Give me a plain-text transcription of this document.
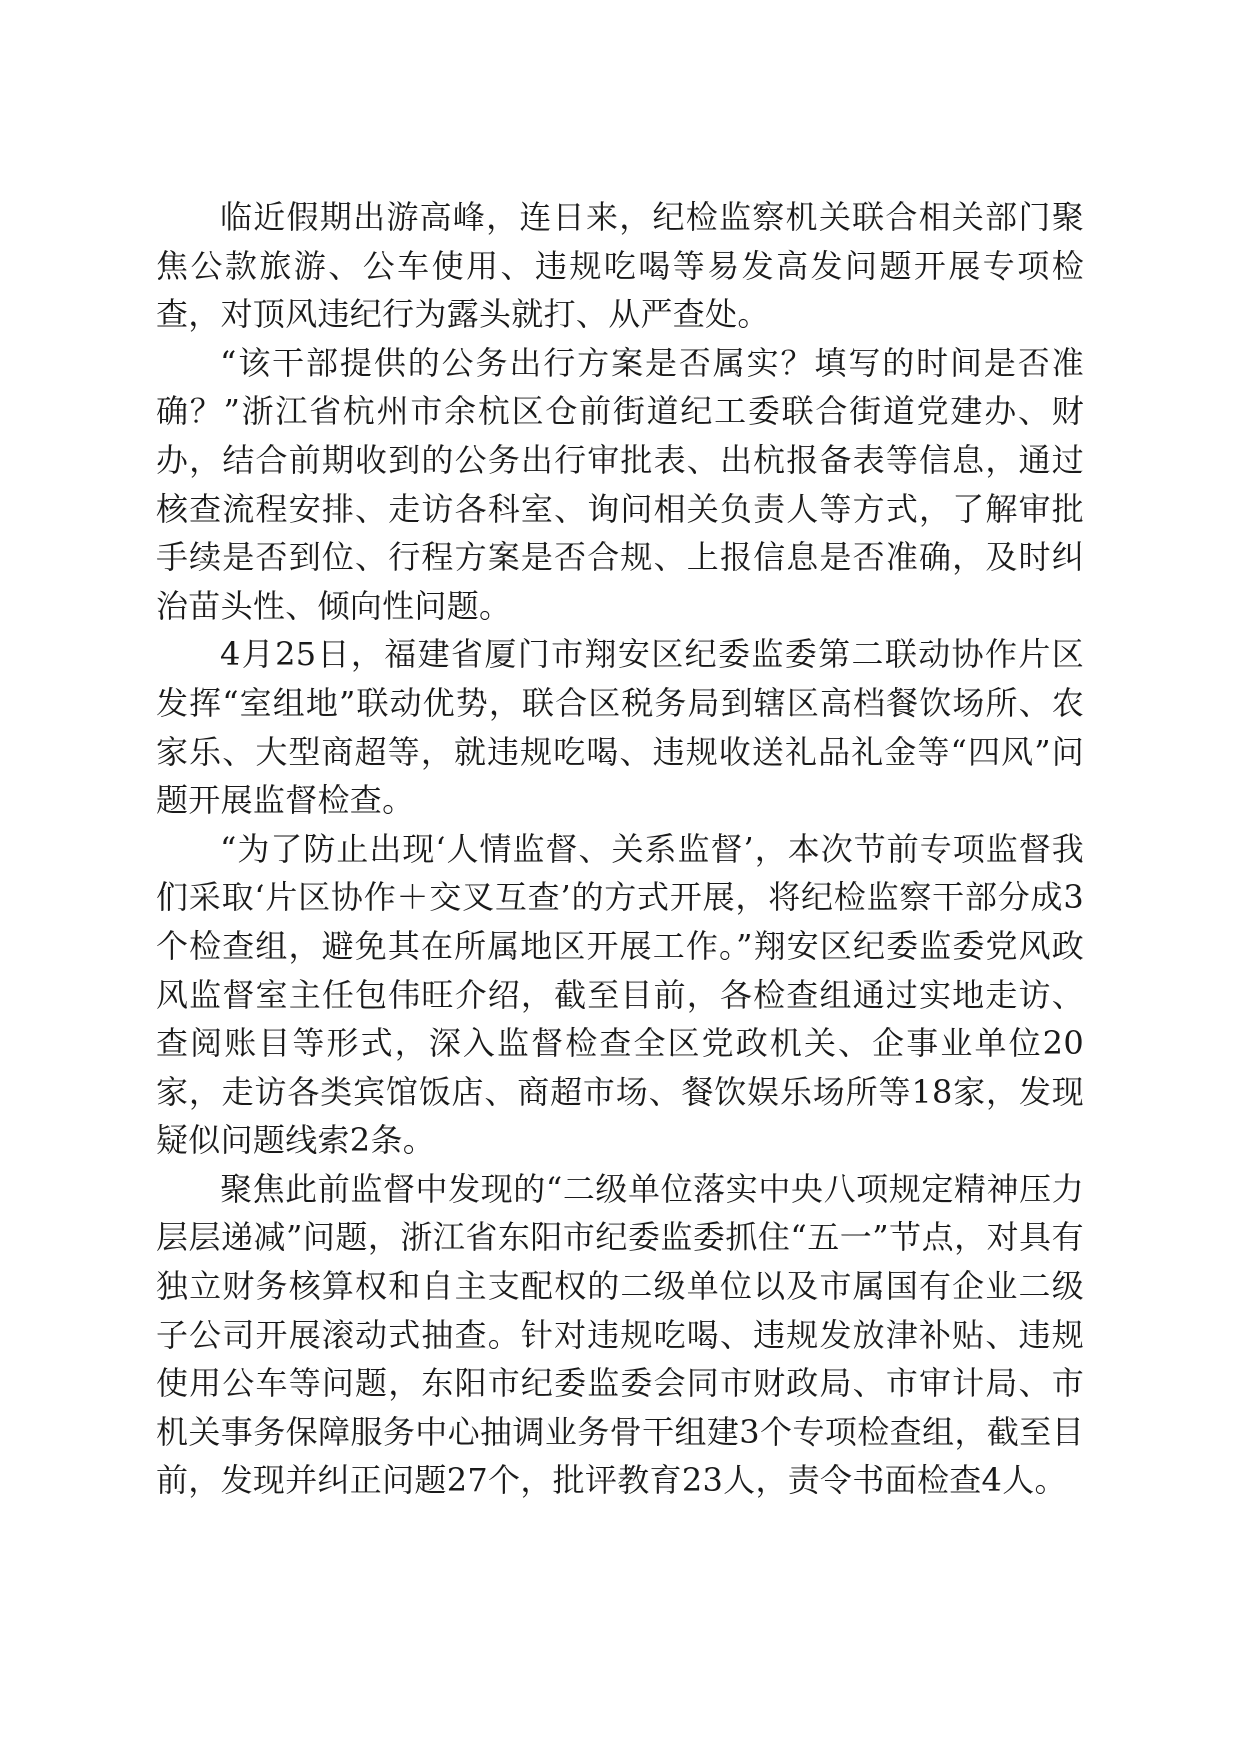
临近假期出游高峰，连日来，纪检监察机关联合相关部门聚焦公款旅游、公车使用、违规吃喝等易发高发问题开展专项检查，对顶风违纪行为露头就打、从严查处。

“该干部提供的公务出行方案是否属实？填写的时间是否准确？”浙江省杭州市余杭区仓前街道纪工委联合街道党建办、财办，结合前期收到的公务出行审批表、出杭报备表等信息，通过核查流程安排、走访各科室、询问相关负责人等方式，了解审批手续是否到位、行程方案是否合规、上报信息是否准确，及时纠治苗头性、倾向性问题。

4月25日，福建省厦门市翔安区纪委监委第二联动协作片区发挥“室组地”联动优势，联合区税务局到辖区高档餐饮场所、农家乐、大型商超等，就违规吃喝、违规收送礼品礼金等“四风”问题开展监督检查。

“为了防止出现‘人情监督、关系监督’，本次节前专项监督我们采取‘片区协作＋交叉互查’的方式开展，将纪检监察干部分成3个检查组，避免其在所属地区开展工作。”翔安区纪委监委党风政风监督室主任包伟旺介绍，截至目前，各检查组通过实地走访、查阅账目等形式，深入监督检查全区党政机关、企事业单位20家，走访各类宾馆饭店、商超市场、餐饮娱乐场所等18家，发现疑似问题线索2条。

聚焦此前监督中发现的“二级单位落实中央八项规定精神压力层层递减”问题，浙江省东阳市纪委监委抓住“五一”节点，对具有独立财务核算权和自主支配权的二级单位以及市属国有企业二级子公司开展滚动式抽查。针对违规吃喝、违规发放津补贴、违规使用公车等问题，东阳市纪委监委会同市财政局、市审计局、市机关事务保障服务中心抽调业务骨干组建3个专项检查组，截至目前，发现并纠正问题27个，批评教育23人，责令书面检查4人。
